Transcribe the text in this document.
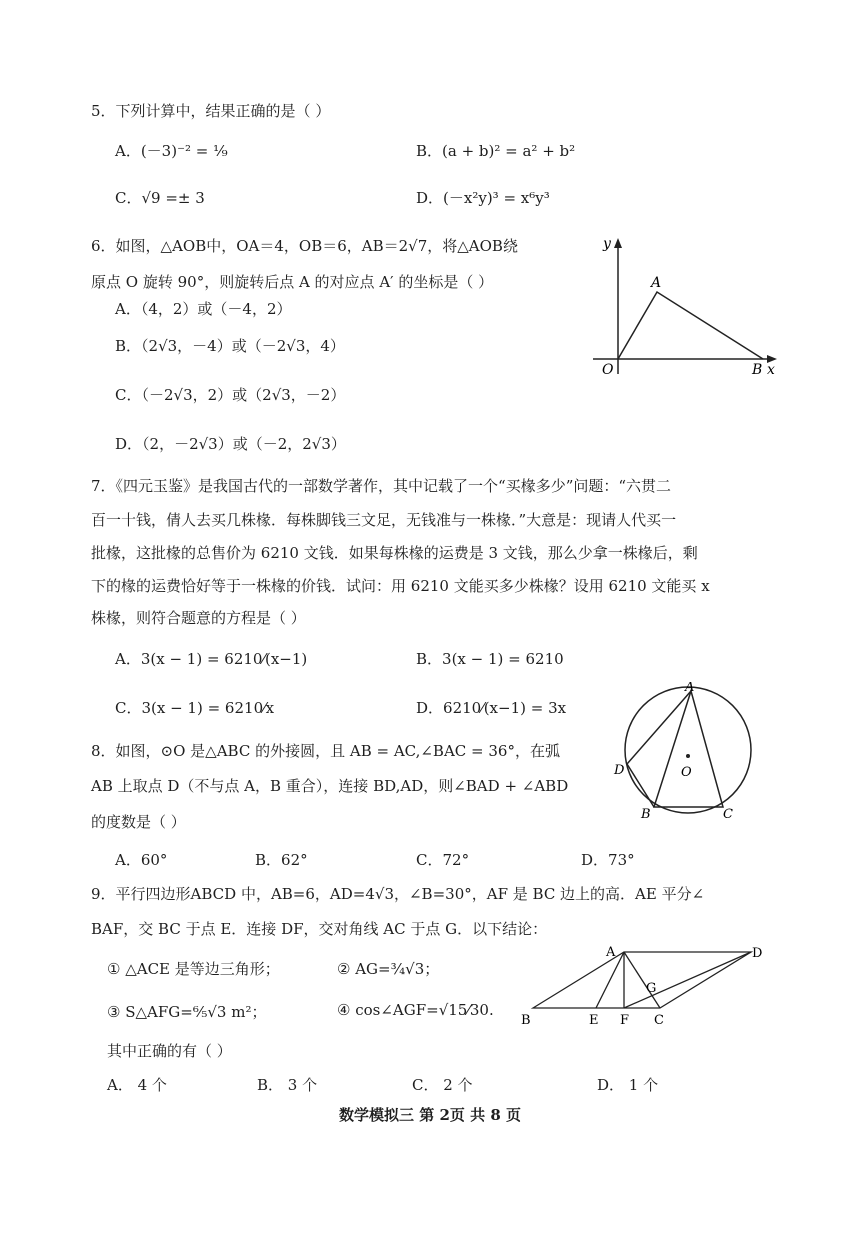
5．下列计算中，结果正确的是（ ）
A．(－3)⁻² = ¹⁄₉	B．(a + b)² = a² + b²
C．√9 =± 3	D．(－x²y)³ = x⁶y³
6．如图，△AOB中，OA＝4，OB＝6，AB＝2√7，将△AOB绕
原点 O 旋转 90°，则旋转后点 A 的对应点 A′ 的坐标是（ ）
A．（4，2）或（－4，2）
B．（2√3，－4）或（－2√3，4）
C．（－2√3，2）或（2√3，－2）
D．（2，－2√3）或（－2，2√3）
y
A
O	B x
7．《四元玉鉴》是我国古代的一部数学著作，其中记载了一个“买椽多少”问题：“六贯二
百一十钱，倩人去买几株椽．每株脚钱三文足，无钱准与一株椽．”大意是：现请人代买一
批椽，这批椽的总售价为 6210 文钱．如果每株椽的运费是 3 文钱，那么少拿一株椽后，剩
下的椽的运费恰好等于一株椽的价钱．试问：用 6210 文能买多少株椽？设用 6210 文能买 x
株椽，则符合题意的方程是（ ）
A．3(x − 1) = 6210⁄(x−1)	B．3(x − 1) = 6210
C．3(x − 1) = 6210⁄x	D．6210⁄(x−1) = 3x
8．如图，⊙O 是△ABC 的外接圆，且 AB = AC,∠BAC = 36°，在弧
AB 上取点 D（不与点 A，B 重合），连接 BD,AD，则∠BAD + ∠ABD
的度数是（ ）
A．60°	B．62°	C．72°	D．73°
A
D	O
B	C
9．平行四边形ABCD 中，AB=6，AD=4√3，∠B=30°，AF 是 BC 边上的高．AE 平分∠
BAF，交 BC 于点 E．连接 DF，交对角线 AC 于点 G．以下结论：
① △ACE 是等边三角形；	② AG=¾√3；
③ S△AFG=⁶⁄₅√3 m²；	④ cos∠AGF=√15⁄30.
其中正确的有（ ）
A． 4 个	B． 3 个	C． 2 个	D． 1 个
A	D
G
B	E F C
数学模拟三 第 2页 共 8 页
